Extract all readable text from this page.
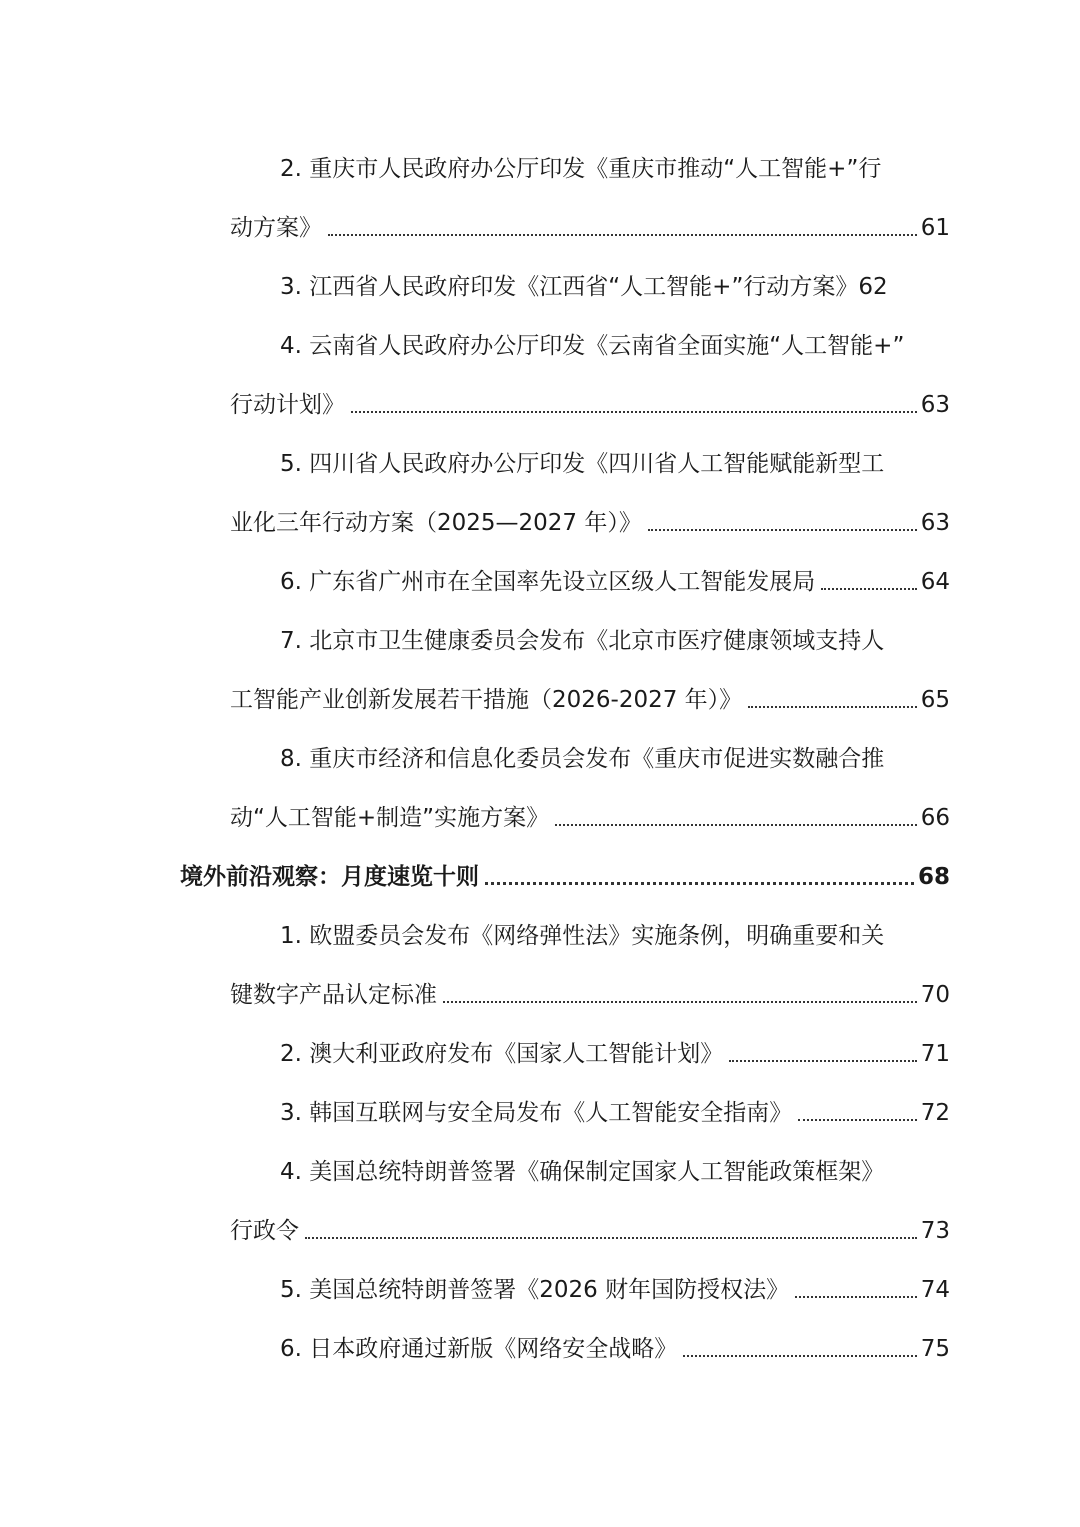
2. 重庆市人民政府办公厅印发《重庆市推动“人工智能+”行
动方案》	61
3. 江西省人民政府印发《江西省“人工智能+”行动方案》62
4. 云南省人民政府办公厅印发《云南省全面实施“人工智能+”
行动计划》	63
5. 四川省人民政府办公厅印发《四川省人工智能赋能新型工
业化三年行动方案（2025—2027 年）》	63
6. 广东省广州市在全国率先设立区级人工智能发展局	64
7. 北京市卫生健康委员会发布《北京市医疗健康领域支持人
工智能产业创新发展若干措施（2026-2027 年）》	65
8. 重庆市经济和信息化委员会发布《重庆市促进实数融合推
动“人工智能+制造”实施方案》	66
境外前沿观察：月度速览十则	68
1. 欧盟委员会发布《网络弹性法》实施条例，明确重要和关
键数字产品认定标准	70
2. 澳大利亚政府发布《国家人工智能计划》	71
3. 韩国互联网与安全局发布《人工智能安全指南》	72
4. 美国总统特朗普签署《确保制定国家人工智能政策框架》
行政令	73
5. 美国总统特朗普签署《2026 财年国防授权法》	74
6. 日本政府通过新版《网络安全战略》	75
